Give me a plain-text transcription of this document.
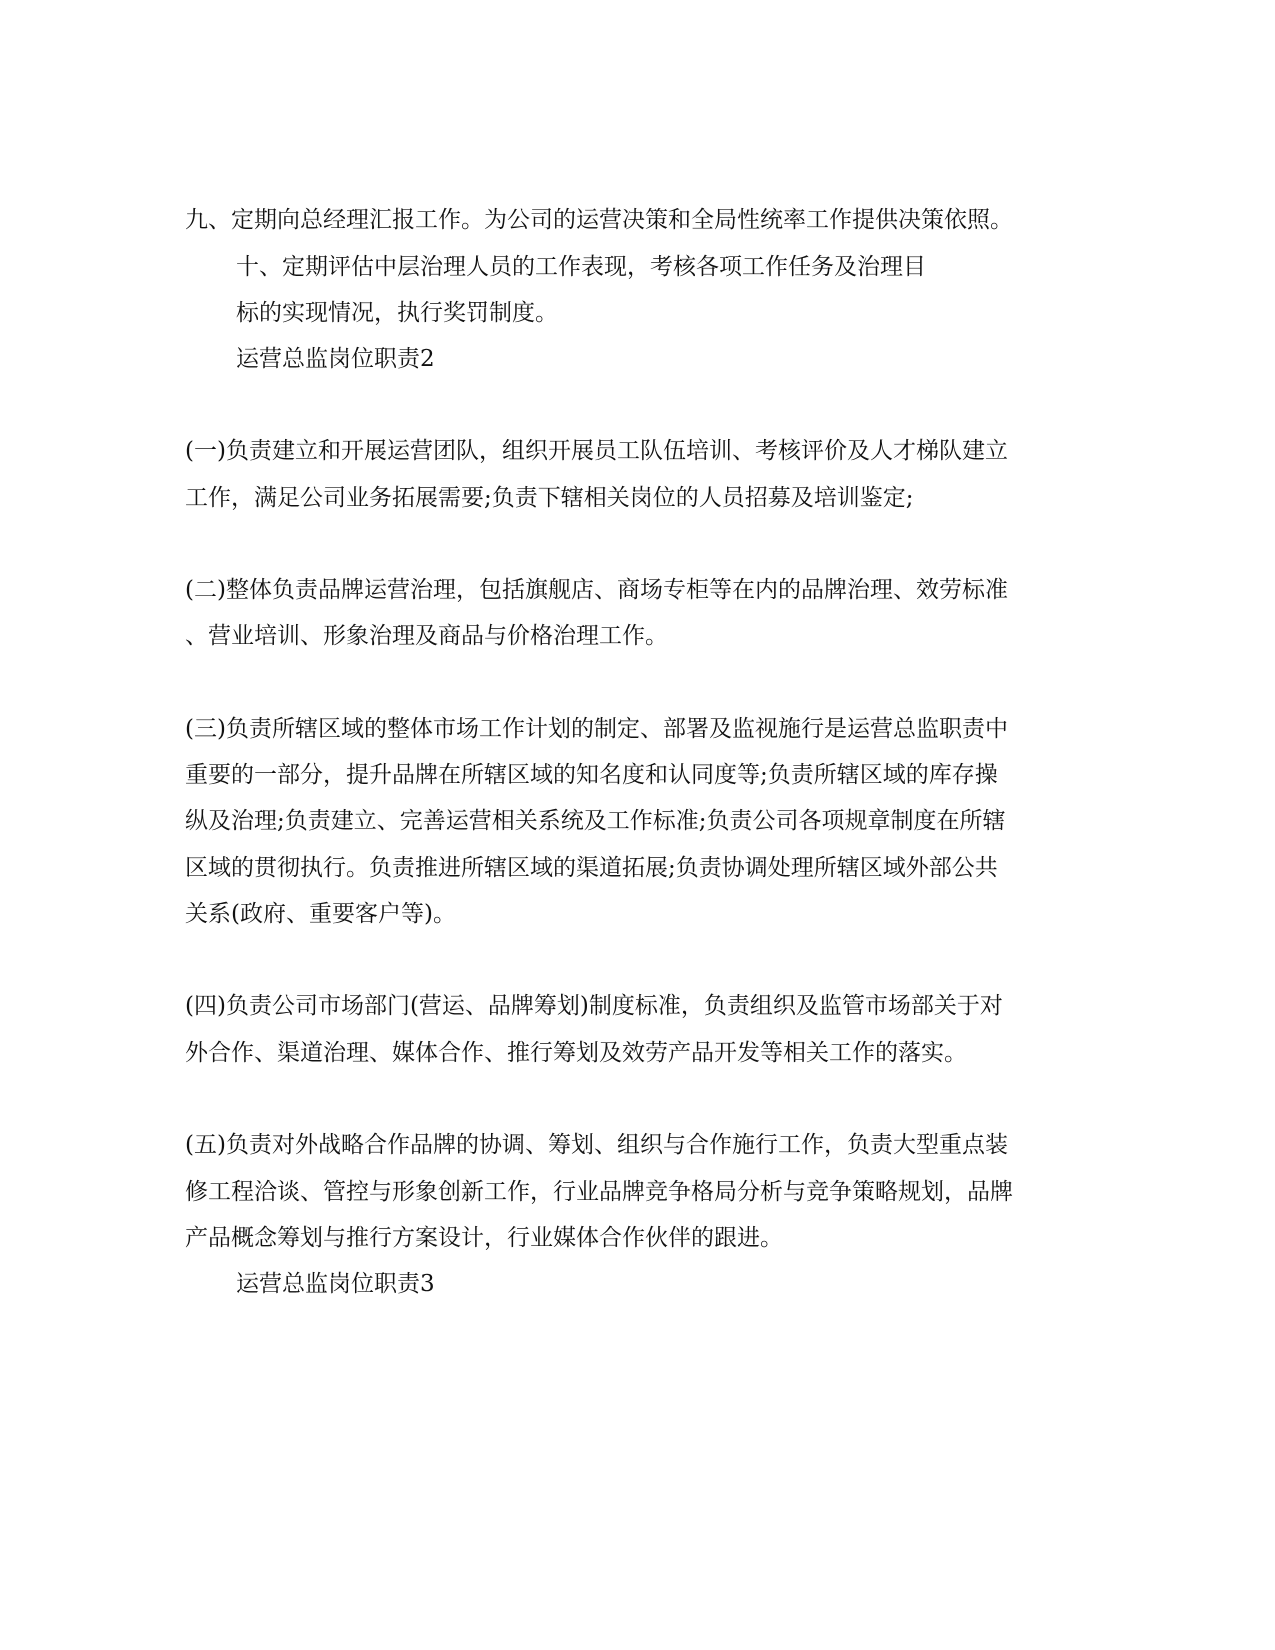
九、定期向总经理汇报工作。为公司的运营决策和全局性统率工作提供决策依照。
十、定期评估中层治理人员的工作表现，考核各项工作任务及治理目
标的实现情况，执行奖罚制度。
运营总监岗位职责2
(一)负责建立和开展运营团队，组织开展员工队伍培训、考核评价及人才梯队建立
工作，满足公司业务拓展需要;负责下辖相关岗位的人员招募及培训鉴定;
(二)整体负责品牌运营治理，包括旗舰店、商场专柜等在内的品牌治理、效劳标准
、营业培训、形象治理及商品与价格治理工作。
(三)负责所辖区域的整体市场工作计划的制定、部署及监视施行是运营总监职责中
重要的一部分，提升品牌在所辖区域的知名度和认同度等;负责所辖区域的库存操
纵及治理;负责建立、完善运营相关系统及工作标准;负责公司各项规章制度在所辖
区域的贯彻执行。负责推进所辖区域的渠道拓展;负责协调处理所辖区域外部公共
关系(政府、重要客户等)。
(四)负责公司市场部门(营运、品牌筹划)制度标准，负责组织及监管市场部关于对
外合作、渠道治理、媒体合作、推行筹划及效劳产品开发等相关工作的落实。
(五)负责对外战略合作品牌的协调、筹划、组织与合作施行工作，负责大型重点装
修工程洽谈、管控与形象创新工作，行业品牌竞争格局分析与竞争策略规划，品牌
产品概念筹划与推行方案设计，行业媒体合作伙伴的跟进。
运营总监岗位职责3
